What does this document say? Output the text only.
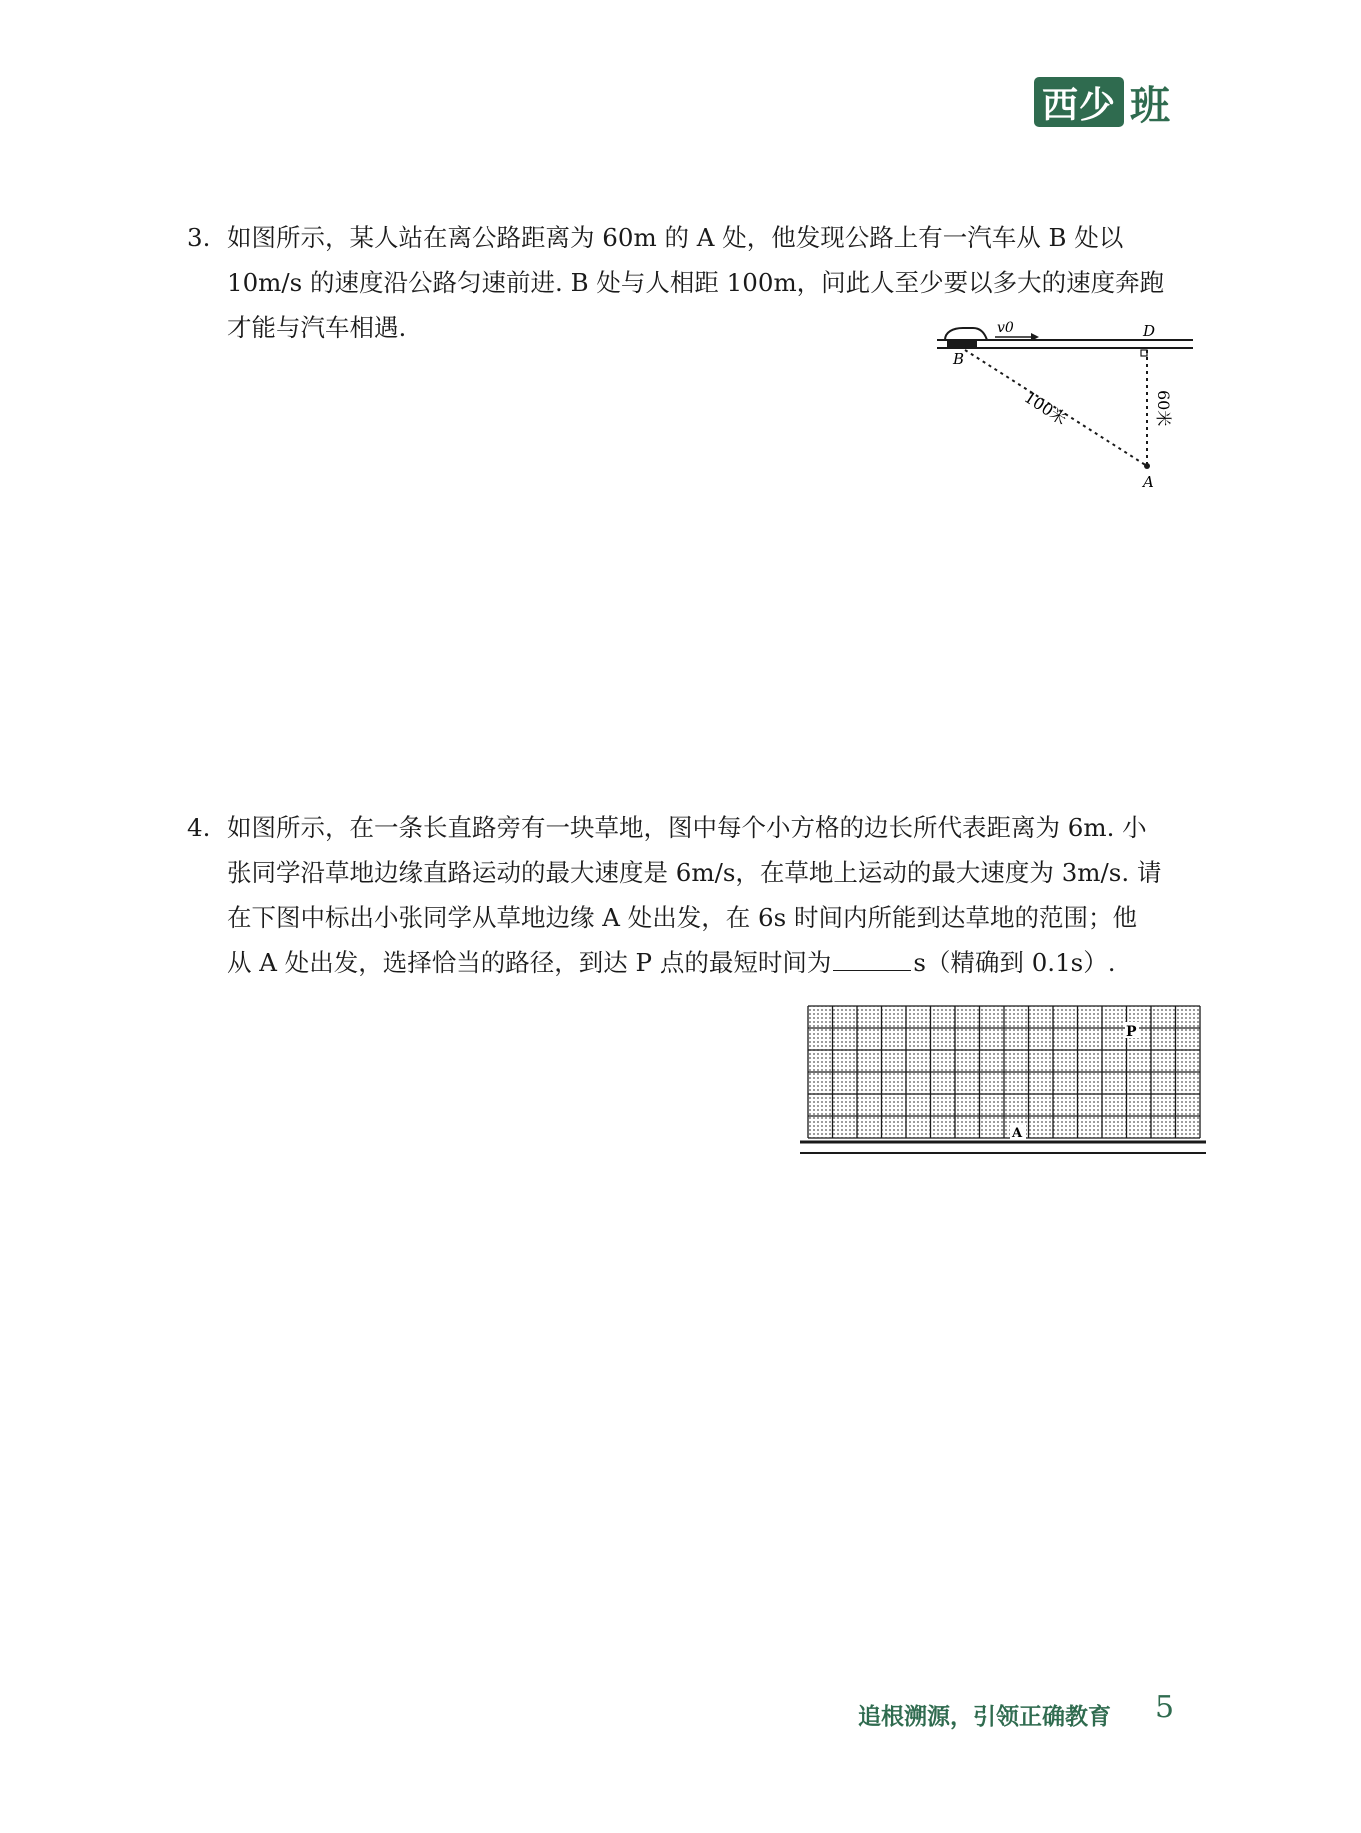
西少 班
3. 如图所示，某人站在离公路距离为 60m 的 A 处，他发现公路上有一汽车从 B 处以
10m/s 的速度沿公路匀速前进. B 处与人相距 100m，问此人至少要以多大的速度奔跑
才能与汽车相遇.	v0
B
D
A
100米	60米
4. 如图所示，在一条长直路旁有一块草地，图中每个小方格的边长所代表距离为 6m. 小
张同学沿草地边缘直路运动的最大速度是 6m/s，在草地上运动的最大速度为 3m/s. 请
在下图中标出小张同学从草地边缘 A 处出发，在 6s 时间内所能到达草地的范围；他
从 A 处出发，选择恰当的路径，到达 P 点的最短时间为	s（精确到 0.1s）.
P
A
追根溯源，引领正确教育 5
